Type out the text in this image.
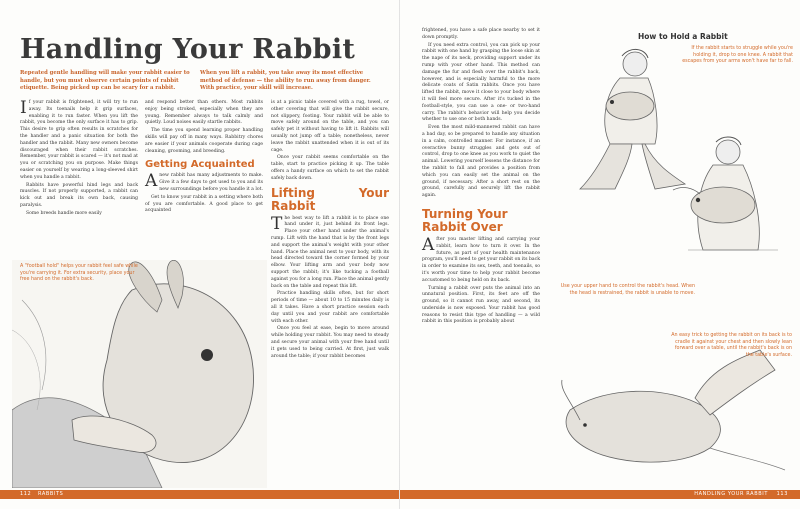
Handling Your Rabbit

Repeated gentle handling will make your rabbit easier to handle, but you must observe certain points of rabbit etiquette. Being picked up can be scary for a rabbit.

When you lift a rabbit, you take away its most effective method of defense — the ability to run away from danger. With practice, your skill will increase.

If your rabbit is frightened, it will try to run away. Its toenails help it grip surfaces, enabling it to run faster. When you lift the rabbit, you become the only surface it has to grip. This desire to grip often results in scratches for the handler and a panic situation for both the handler and the rabbit. Many new owners become discouraged when their rabbit scratches. Remember, your rabbit is scared — it's not mad at you or scratching you on purpose. Make things easier on yourself by wearing a long-sleeved shirt when you handle a rabbit.

Rabbits have powerful hind legs and back muscles. If not properly supported, a rabbit can kick out and break its own back, causing paralysis.

Some breeds handle more easily

and respond better than others. Most rabbits enjoy being stroked, especially when they are young. Remember always to talk calmly and quietly. Loud noises easily startle rabbits.

The time you spend learning proper handling skills will pay off in many ways. Rabbitry chores are easier if your animals cooperate during cage cleaning, grooming, and breeding.

Getting Acquainted

A new rabbit has many adjustments to make. Give it a few days to get used to you and its new surroundings before you handle it a lot.

Get to know your rabbit in a setting where both of you are comfortable. A good place to get acquainted

is at a picnic table covered with a rug, towel, or other covering that will give the rabbit secure, not slippery, footing. Your rabbit will be able to move safely around on the table, and you can safely pet it without having to lift it. Rabbits will usually not jump off a table; nonetheless, never leave the rabbit unattended when it is out of its cage.

Once your rabbit seems comfortable on the table, start to practice picking it up. The table offers a handy surface on which to set the rabbit safely back down.

Lifting Your Rabbit

The best way to lift a rabbit is to place one hand under it, just behind its front legs. Place your other hand under the animal's rump. Lift with the hand that is by the front legs and support the animal's weight with your other hand. Place the animal next to your body, with its head directed toward the corner formed by your elbow. Your lifting arm and your body now support the rabbit; it's like tucking a football against you for a long run. Place the animal gently back on the table and repeat this lift.

Practice handling skills often, but for short periods of time — about 10 to 15 minutes daily is all it takes. Have a short practice session each day until you and your rabbit are comfortable with each other.

Once you feel at ease, begin to move around while holding your rabbit. You may need to steady and secure your animal with your free hand until it gets used to being carried. At first, just walk around the table; if your rabbit becomes

A "football hold" helps your rabbit feel safe while you're carrying it. For extra security, place your free hand on the rabbit's back.

112 RABBITS

frightened, you have a safe place nearby to set it down promptly.

If you need extra control, you can pick up your rabbit with one hand by grasping the loose skin at the nape of its neck, providing support under its rump with your other hand. This method can damage the fur and flesh over the rabbit's back, however, and is especially harmful to the more delicate coats of Satin rabbits. Once you have lifted the rabbit, move it close to your body where it will feel more secure. After it's tucked in the football-style, you can use a one- or two-hand carry. The rabbit's behavior will help you decide whether to use one or both hands.

Even the most mild-mannered rabbit can have a bad day, so be prepared to handle any situation in a calm, controlled manner. For instance, if an overactive bunny struggles and gets out of control, drop to one knee as you work to quiet the animal. Lowering yourself lessens the distance for the rabbit to fall and provides a position from which you can easily set the animal on the ground, if necessary. After a short rest on the ground, carefully and securely lift the rabbit again.

Turning Your
Rabbit Over

After you master lifting and carrying your rabbit, learn how to turn it over. In the future, as part of your health maintenance program, you'll need to get your rabbit on its back in order to examine its sex, teeth, and toenails, so it's worth your time to help your rabbit become accustomed to being held on its back.

Turning a rabbit over puts the animal into an unnatural position. First, its feet are off the ground, so it cannot run away, and second, its underside is now exposed. Your rabbit has good reasons to resist this type of handling — a wild rabbit in this position is probably about

How to Hold a Rabbit

If the rabbit starts to struggle while you're holding it, drop to one knee. A rabbit that escapes from your arms won't have far to fall.

Use your upper hand to control the rabbit's head. When the head is restrained, the rabbit is unable to move.

An easy trick to getting the rabbit on its back is to cradle it against your chest and then slowly lean forward over a table, until the rabbit's back is on the table's surface.

HANDLING YOUR RABBIT 113
